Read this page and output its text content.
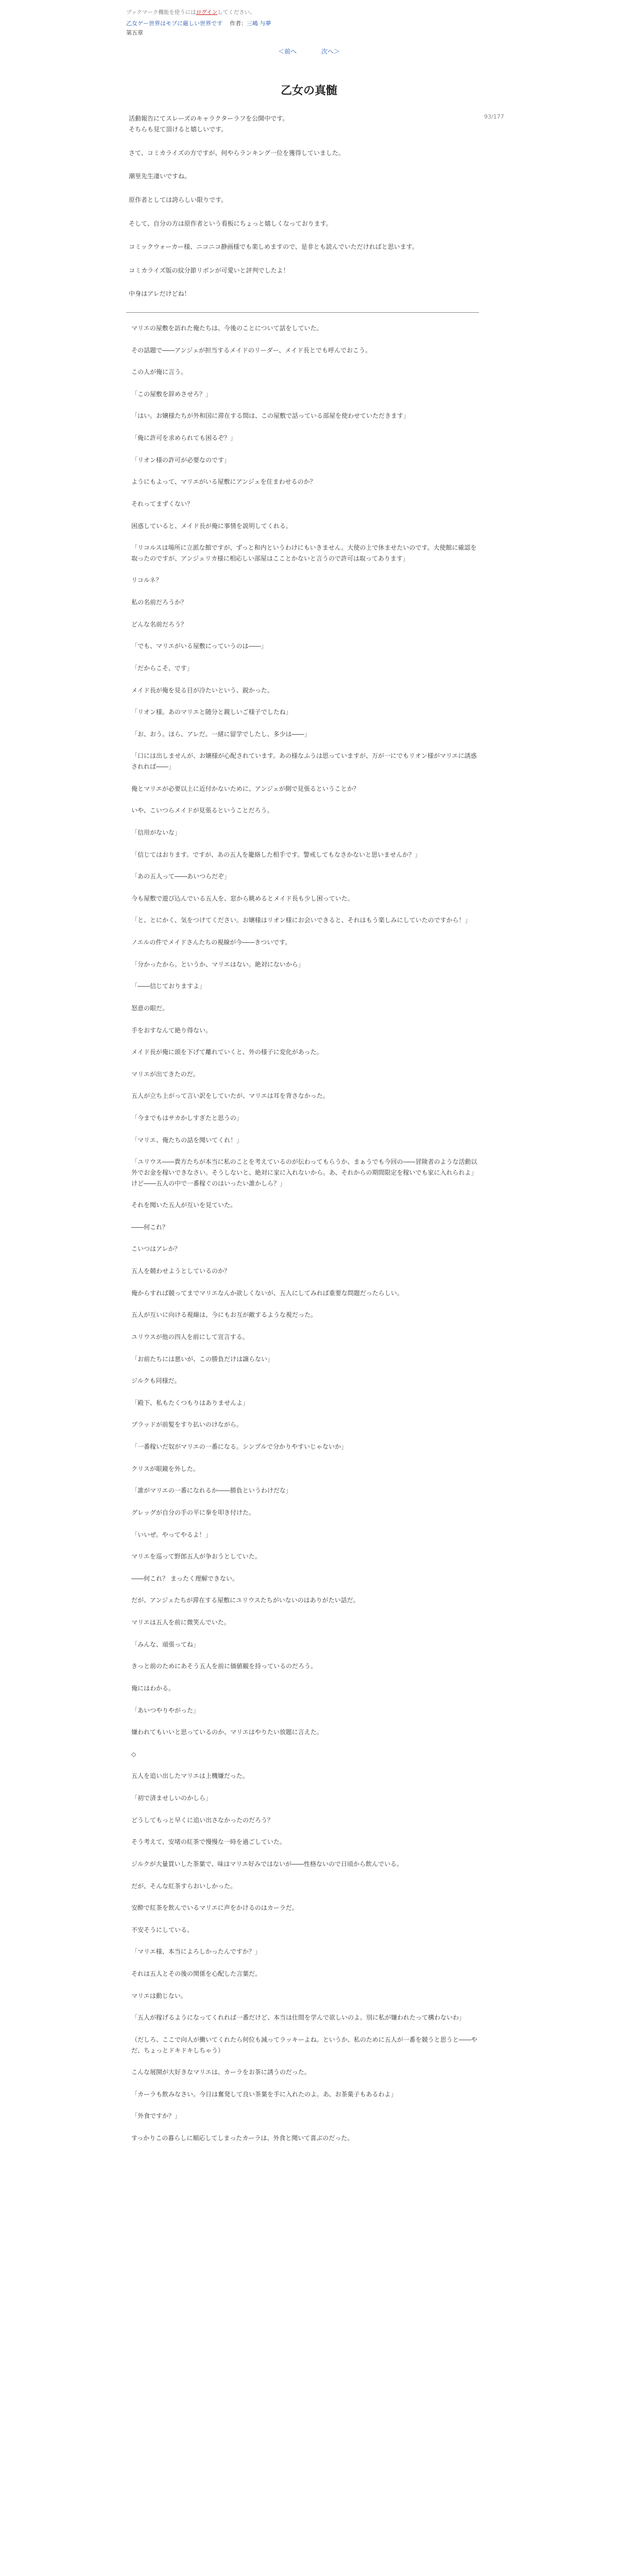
ブックマーク機能を使うにはログインしてください。

乙女ゲー世界はモブに厳しい世界です 作者：三嶋 与夢

第五章

＜前へ	次へ＞
93/177
乙女の真髄

活動報告にてスレーズのキャラクターラフを公開中です。

そちらも見て頂けると嬉しいです。

さて、コミカライズの方ですが、何やらランキング一位を獲得していました。

潮里先生凄いですね。

原作者としては誇らしい限りです。

そして、自分の方は原作者という看板にちょっと嬉しくなっております。

コミックウォーカー様、ニコニコ静画様でも楽しめますので、是非とも読んでいただければと思います。

コミカライズ版の紋分節リボンが可愛いと評判でしたよ！

中身はアレだけどね！

マリエの屋敷を訪れた俺たちは、今後のことについて話をしていた。

その話題で――アンジェが担当するメイドのリーダー、メイド長とでも呼んでおこう。

この人が俺に言う。

「この屋敷を辞めさせろ？」

「はい。お嬢様たちが外和国に滞在する間は、この屋敷で話っている部屋を使わせていただきます」

「俺に許可を求められても困るぞ？」

「リオン様の許可が必要なのです」

ようにもよって、マリエがいる屋敷にアンジェを住まわせるのか？

それってまずくない？

困惑していると、メイド長が俺に事情を説明してくれる。

「リコルスは場所に立派な館ですが、ずっと和内というわけにもいきません。大使の上で休ませたいのです。大使館に確認を取ったのですが、アンジェリカ様に相応しい部屋はこことかないと言うので許可は取ってあります」

リコルネ？

私の名前だろうか？

どんな名前だろう？

「でも、マリエがいる屋敷にっていうのは――」

「だからこそ、です」

メイド長が俺を見る目が冷たいという、鋭かった。

「リオン様。あのマリエと随分と親しいご様子でしたね」

「お、おう。ほら、アレだ。一緒に留学でしたし、多少は――」

「口には出しませんが、お嬢様が心配されています。あの様なふうは思っていますが、万が一にでもリオン様がマリエに誘惑されれば――」

俺とマリエが必要以上に近付かないために、アンジェが側で見張るということか？

いや、こいつらメイドが見張るということだろう。

「信用がないな」

「信じてはおります。ですが、あの五人を籠絡した相手です。警戒してもなさかないと思いませんか？」

「あの五人って――あいつらだぞ」

今も屋敷で遊び込んでいる五人を、窓から眺めるとメイド長も少し困っていた。

「と、とにかく、気をつけてください。お嬢様はリオン様にお会いできると、それはもう楽しみにしていたのですから！」

ノエルの件でメイドさんたちの視線が今――きついです。

「分かったから。というか、マリエはない。絶対にないから」

「――信じておりますよ」

怒意の眼だ。

手をおすなんて絶り得ない。

メイド長が俺に頭を下げて離れていくと、外の様子に変化があった。

マリエが出てきたのだ。

五人が立ち上がって言い訳をしていたが、マリエは耳を背さなかった。

「今までもはサカかしすぎたと思うの」

「マリエ、俺たちの話を聞いてくれ！」

「ユリウス――貴方たちが本当に私のことを考えているのが伝わってもらうか、まぁうでも今回の――冒険者のような活動以外でお金を稼いできなさい。そうしないと、絶対に家に入れないから。あ、それからの期間限定を稼いでも家に入れられよ」けど――五人の中で一番稼ぐのはいったい誰かしら？」

それを聞いた五人が互いを見ていた。

――何これ？

こいつはアレか？

五人を競わせようとしているのか？

俺からすれば競ってまでマリエなんか欲しくないが、五人にしてみれば重要な問題だったらしい。

五人が互いに向ける視線は、今にもお互が敵するような視だった。

ユリウスが他の四人を前にして宣言する。

「お前たちには悪いが、この勝負だけは譲らない」

ジルクも同様だ。

「殿下、私もたくつもりはありませんよ」

ブラッドが前髪をすり払いのけながら。

「一番稼いだ奴がマリエの一番になる。シンプルで分かりやすいじゃないか」

クリスが眼鏡を外した。

「誰がマリエの一番になれるか――勝負というわけだな」

グレッグが自分の手の平に拳を叩き付けた。

「いいぜ。やってやるよ！」

マリエを巡って野郎五人が争おうとしていた。

――何これ？ まったく理解できない。

だが、アンジェたちが滞在する屋敷にユリウスたちがいないのはありがたい話だ。

マリエは五人を前に微笑んでいた。

「みんな、頑張ってね」

きっと前のためにあそう五人を前に価値観を持っているのだろう。

俺にはわかる。

「あいつやりやがった」

嫌われてもいいと思っているのか、マリエはやりたい放題に言えた。

◇

五人を追い出したマリエは上機嫌だった。

「初で済ませしいのかしら」

どうしてもっと早くに追い出さなかったのだろう？

そう考えて、安堵の紅茶で慢慢な一時を過ごしていた。

ジルクが大量買いした茶葉で、味はマリエ好みではないが――性格ないので日頃から飲んでいる。

だが、そんな紅茶すらおいしかった。

安酔で紅茶を飲んでいるマリエに声をかけるのはカーラだ。

不安そうにしている。

「マリエ様、本当によろしかったんですか？」

それは五人とその後の関係を心配した言葉だ。

マリエは動じない。

「五人が稼げるようになってくれれば一番だけど、本当は仕間を学んで欲しいのよ。別に私が嫌われたって構わないわ」

（だしろ、ここで向人が働いてくれたら何位も減ってラッキーよね。というか、私のために五人が一番を競うと思うと――やだ、ちょっとドキドキしちゃう）

こんな展開が大好きなマリエは、カーラをお茶に誘うのだった。

「カーラも飲みなさい。今日は奮発して良い茶葉を手に入れたのよ。あ、お茶菓子もあるわよ」

「外食ですか？」

すっかりこの暮らしに順応してしまったカーラは、外食と聞いて喜ぶのだった。
